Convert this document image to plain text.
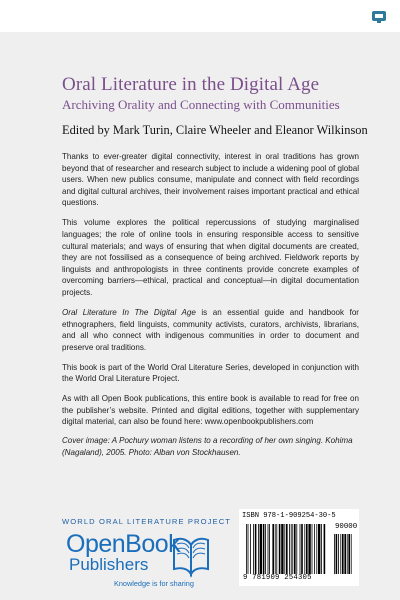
Oral Literature in the Digital Age
Archiving Orality and Connecting with Communities
Edited by Mark Turin, Claire Wheeler and Eleanor Wilkinson

Thanks to ever-greater digital connectivity, interest in oral traditions has grown beyond that of researcher and research subject to include a widening pool of global users. When new publics consume, manipulate and connect with field recordings and digital cultural archives, their involvement raises important practical and ethical questions.

This volume explores the political repercussions of studying marginalised languages; the role of online tools in ensuring responsible access to sensitive cultural materials; and ways of ensuring that when digital documents are created, they are not fossilised as a consequence of being archived. Fieldwork reports by linguists and anthropologists in three continents provide concrete examples of overcoming barriers—ethical, practical and conceptual—in digital documentation projects.

Oral Literature In The Digital Age is an essential guide and handbook for ethnographers, field linguists, community activists, curators, archivists, librarians, and all who connect with indigenous communities in order to document and preserve oral traditions.

This book is part of the World Oral Literature Series, developed in conjunction with the World Oral Literature Project.

As with all Open Book publications, this entire book is available to read for free on the publisher’s website. Printed and digital editions, together with supplementary digital material, can also be found here: www.openbookpublishers.com

Cover image: A Pochury woman listens to a recording of her own singing. Kohima (Nagaland), 2005. Photo: Alban von Stockhausen.

WORLD ORAL LITERATURE PROJECT
OpenBook
Publishers
Knowledge is for sharing
ISBN 978-1-909254-30-5
90000
9 781909 254305
